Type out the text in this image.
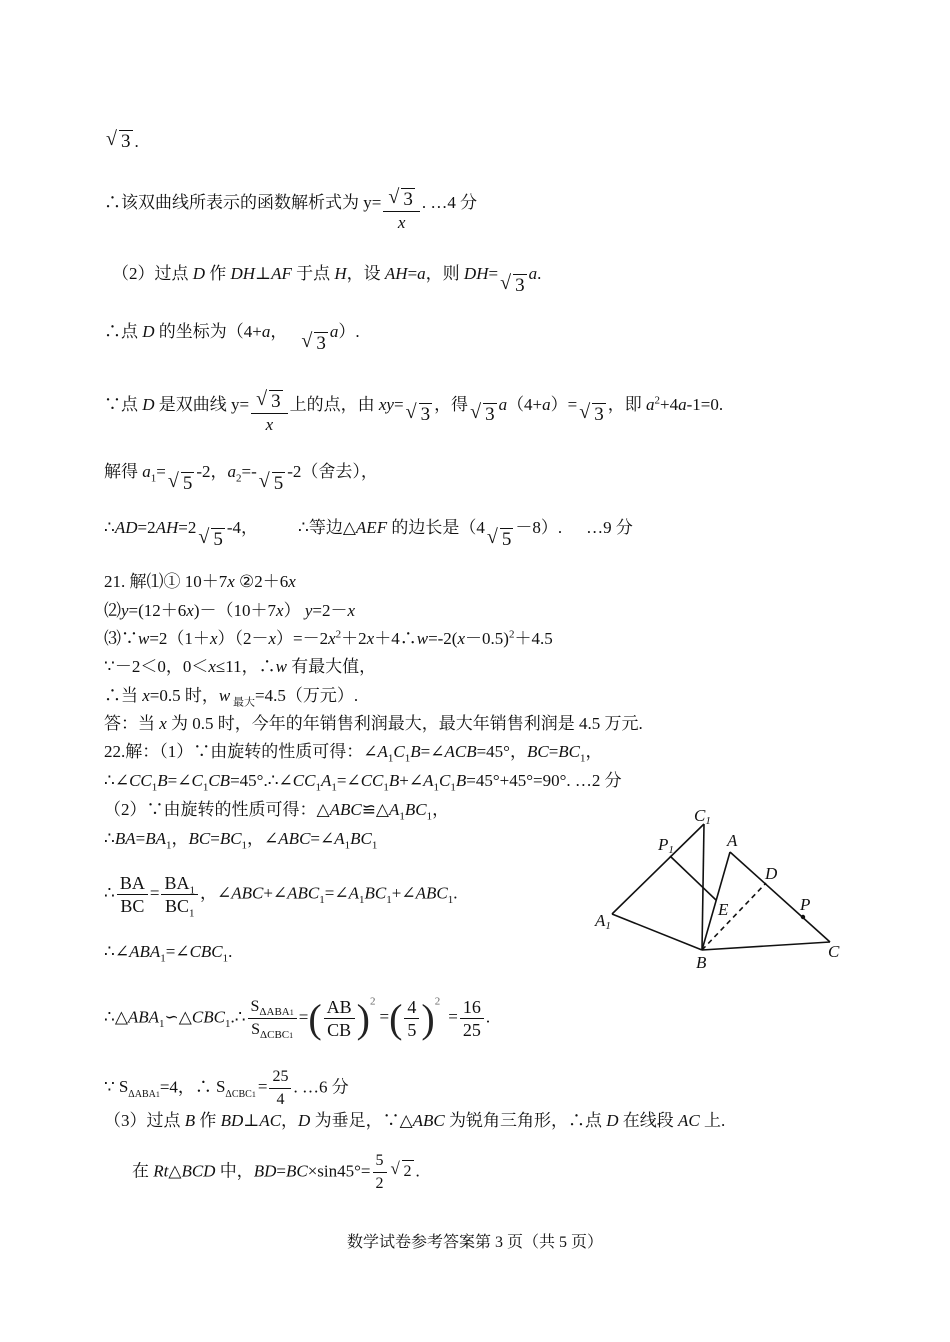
√ 3 .
∴该双曲线所表示的函数解析式为 $y= \frac{√ 3}{x}$ . …4 分
（2）过点 D 作 DH⊥AF 于点 H，设 AH=a，则 DH= √ 3a.
∴点 D 的坐标为（4+a， √ 3a）.
∵点 D 是双曲线 $y= \frac{√ 3}{x}$ 上的点，由 xy= √ 3 ，得 √ 3 a（4+a）= √ 3 ，即 $a^2+4a-1=0$.
解得 $a_1=$ √ 5-2，$a_2=-$ √ 5-2（舍去），
∴AD=2AH=2 √ 5-4， ∴等边△AEF 的边长是（4 √ 5－8）. …9 分
21. 解⑴① 10＋7x ②2＋6x
⑵y=(12＋6x)－（10＋7x） y=2－x
$⑶\because w=2(1+x)(2-x)=-2x^2+2x+4\therefore w=-2(x-0.5)^2+4.5$
∵－2＜0，0＜x≤11，∴w 有最大值，
∴当 x=0.5 时，w $_{最大}$=4.5（万元）.
答：当 x 为 0.5 时，今年的年销售利润最大，最大年销售利润是 4.5 万元.
22.解：（1）∵由旋转的性质可得：$\angle A_1C_1B=\angle ACB=45^\circ$，$BC=BC_1$，
$\therefore\angle CC_1B=\angle C_1CB=45^\circ.\therefore\angle CC_1A_1=\angle CC_1B+\angle A_1C_1B=45^\circ+45^\circ=90^\circ$. …2 分
（2）∵由旋转的性质可得：$\triangle ABC≌\triangle A_1BC_1$，
$\therefore BA=BA_1$，$BC=BC_1$，$\angle ABC=\angle A_1BC_1$
∴ $\frac{BA}{BC} = \frac{BA_1}{BC_1}$ ，$\angle ABC+\angle ABC_1=\angle A_1BC_1+\angle ABC_1$.
$\therefore\angle ABA_1=\angle CBC_1$.
$\therefore\triangle ABA_1∽\triangle CBC_1.\therefore \frac{S_{\Delta ABA1}}{S_{\Delta CBC1}}$ =( $\frac{AB}{CB} )^2=( \frac{4}{5} )^2= \frac{16}{25}$ .
∵ $S_{\Delta ABA1}=4$，∴ $S_{\Delta CBC1} = \frac{25}{4}$ . …6 分
（3）过点 B 作 BD⊥AC，D 为垂足，∵△ABC 为锐角三角形，∴点 D 在线段 AC 上.
在 Rt△BCD 中，$BD=BC\times\sin 45^\circ= \frac{5}{2}$ √ 2 .
C1
P1	A
D
P
E
A1
B
C
数学试卷参考答案第 3 页（共 5 页）
